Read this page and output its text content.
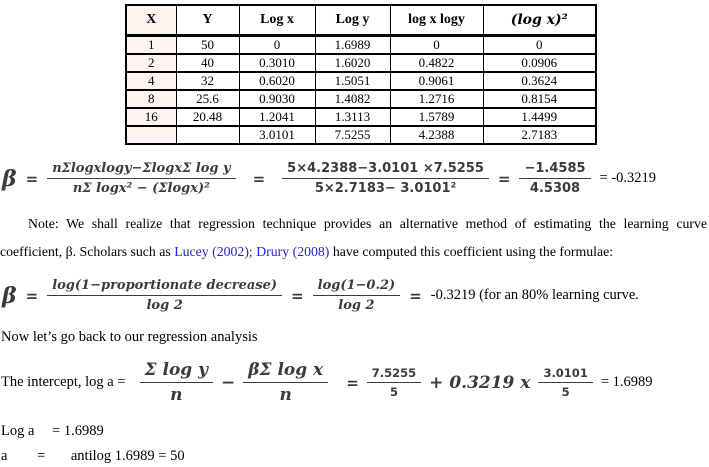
X	Y	Log x	Log y	log x logy	(log x)²
1	50	0	1.6989	0	0
2	40	0.3010	1.6020	0.4822	0.0906
4	32	0.6020	1.5051	0.9061	0.3624
8	25.6	0.9030	1.4082	1.2716	0.8154
16	20.48	1.2041	1.3113	1.5789	1.4499
		3.0101	7.5255	4.2388	2.7183
$\beta = \frac{\text{nΣlogxlogy−ΣlogxΣ log y}}{\text{nΣ logx² − (Σlogx)²}} = \frac{5\times 4.2388-3.0101 \times 7.5255}{\text{5×2.7183− 3.0101²}} = \frac{-1.4585}{4.5308} = -0.3219$

Note: We shall realize that regression technique provides an alternative method of estimating the learning curve coefficient, β. Scholars such as Lucey (2002); Drury (2008) have computed this coefficient using the formulae:

$\beta = \frac{\text{log(1−proportionate decrease)}}{\log 2} = \frac{\log(1-0.2)}{\log 2} = -0.3219$ (for an 80% learning curve.
Now let’s go back to our regression analysis
The intercept, $\log a = \frac{\text{Σ log y}}{n} - \frac{\text{βΣ log x}}{n} = \frac{7.5255}{5} + 0.3219$ x $\frac{3.0101}{5} = 1.6989$
Log a = 1.6989
a = antilog 1.6989 = 50
